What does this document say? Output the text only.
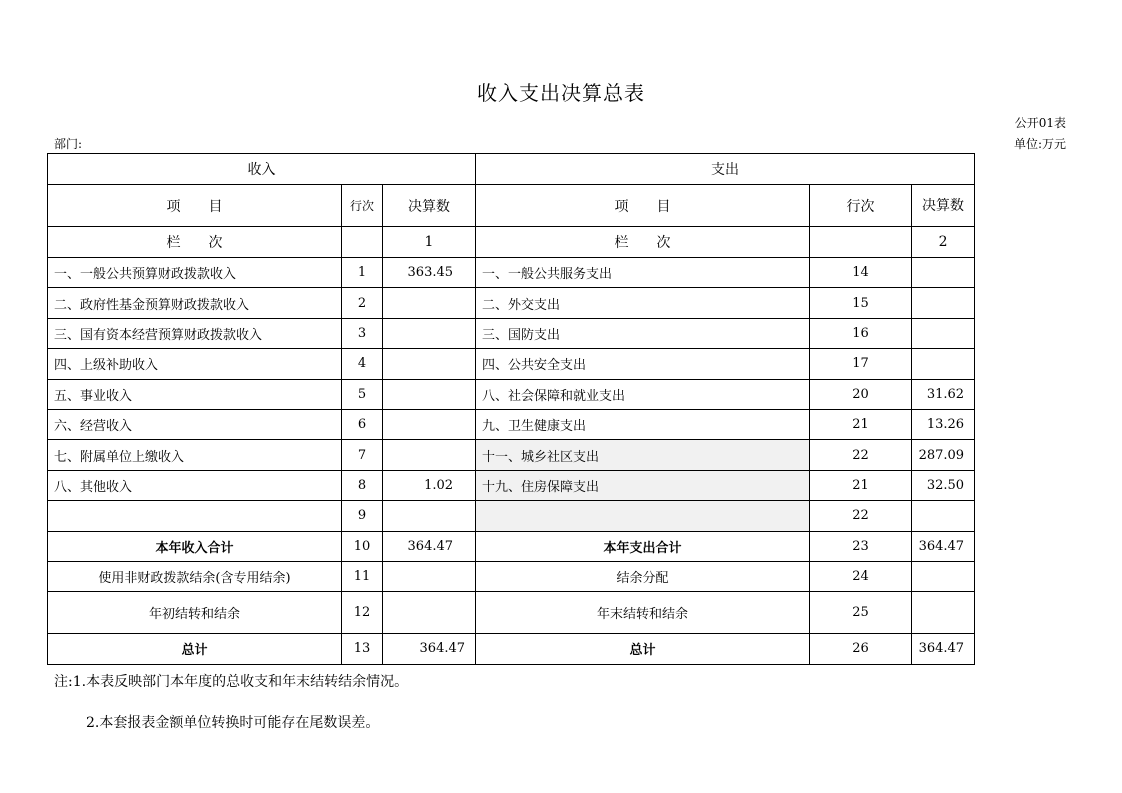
收入支出决算总表
公开01表
部门:	单位:万元
收入			支出		
项　　目	行次	决算数	项　　目	行次	决算数
栏　　次		1	栏　　次		2
一、一般公共预算财政拨款收入	1	363.45	一、一般公共服务支出	14	
二、政府性基金预算财政拨款收入	2		二、外交支出	15	
三、国有资本经营预算财政拨款收入	3		三、国防支出	16	
四、上级补助收入	4		四、公共安全支出	17	
五、事业收入	5		八、社会保障和就业支出	20	31.62
六、经营收入	6		九、卫生健康支出	21	13.26
七、附属单位上缴收入	7		十一、城乡社区支出	22	287.09
八、其他收入	8	1.02	十九、住房保障支出	21	32.50
	9			22	
本年收入合计	10	364.47	本年支出合计	23	364.47
使用非财政拨款结余(含专用结余)	11		结余分配	24	
年初结转和结余	12		年末结转和结余	25	
总计	13	364.47	总计	26	364.47
注:1.本表反映部门本年度的总收支和年末结转结余情况。
2.本套报表金额单位转换时可能存在尾数误差。
